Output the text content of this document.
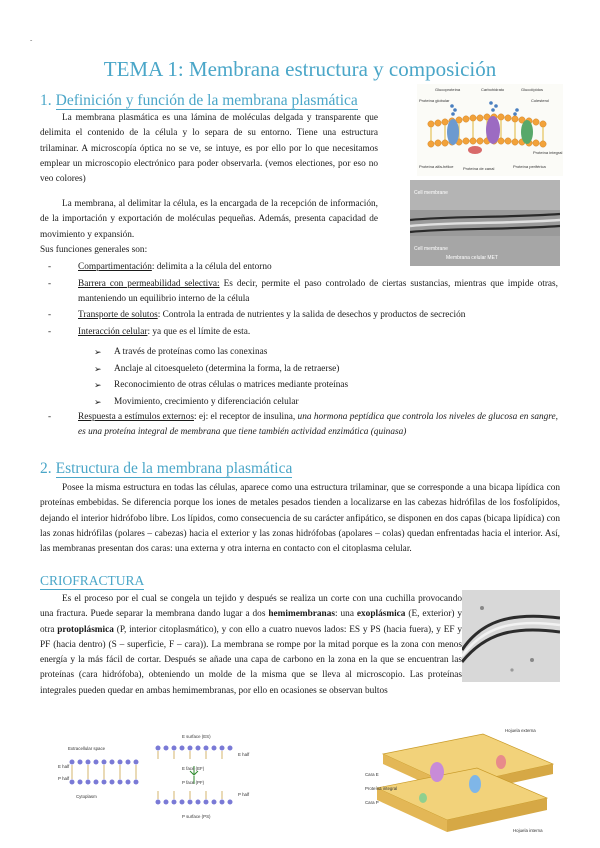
-
TEMA 1: Membrana estructura y composición
1. Definición y función de la membrana plasmática
La membrana plasmática es una lámina de moléculas delgada y transparente que delimita el contenido de la célula y lo separa de su entorno. Tiene una estructura trilaminar. A microscopía óptica no se ve, se intuye, es por ello por lo que necesitamos emplear un microscopio electrónico para poder observarla. (vemos electiones, por eso no veo colores)
La membrana, al delimitar la célula, es la encargada de la recepción de información, de la importación y exportación de moléculas pequeñas. Además, presenta capacidad de movimiento y expansión.
Sus funciones generales son:
-	Compartimentación: delimita a la célula del entorno
-	Barrera con permeabilidad selectiva: Es decir, permite el paso controlado de ciertas sustancias, mientras que impide otras, manteniendo un equilibrio interno de la célula
-	Transporte de solutos: Controla la entrada de nutrientes y la salida de desechos y productos de secreción
-	Interacción celular: ya que es el límite de esta.
➢ A través de proteínas como las conexinas
➢ Anclaje al citoesqueleto (determina la forma, la de retraerse)
➢ Reconocimiento de otras células o matrices mediante proteínas
➢ Movimiento, crecimiento y diferenciación celular
-	Respuesta a estímulos externos: ej: el receptor de insulina, una hormona peptídica que controla los niveles de glucosa en sangre, es una proteína integral de membrana que tiene también actividad enzimática (quinasa)
2. Estructura de la membrana plasmática
Posee la misma estructura en todas las células, aparece como una estructura trilaminar, que se corresponde a una bicapa lipídica con proteínas embebidas. Se diferencia porque los iones de metales pesados tienden a localizarse en las cabezas hidrófilas de los fosfolípidos, dejando el interior hidrófobo libre. Los lípidos, como consecuencia de su carácter anfipático, se disponen en dos capas (bicapa lipídica) con las zonas hidrófilas (polares – cabezas) hacia el exterior y las zonas hidrófobas (apolares – colas) quedan enfrentadas hacia el interior. Así, las membranas presentan dos caras: una externa y otra interna en contacto con el citoplasma celular.
CRIOFRACTURA
Es el proceso por el cual se congela un tejido y después se realiza un corte con una cuchilla provocando una fractura. Puede separar la membrana dando lugar a dos hemimembranas: una exoplásmica (E, exterior) y otra protoplásmica (P, interior citoplasmático), y con ello a cuatro nuevos lados: ES y PS (hacia fuera), y EF y PF (hacia dentro) (S – superficie, F – cara)). La membrana se rompe por la mitad porque es la zona con menos energía y la más fácil de cortar. Después se añade una capa de carbono en la zona en la que se encuentran las proteínas (cara hidrófoba), obteniendo un molde de la misma que se lleva al microscopio. Las proteínas integrales pueden quedar en ambas hemimembranas, por ello en ocasiones se observan bultos
Glucoproteína	Carbohidrato	Glucolípidos
Colesterol
Proteína globular
Proteína integral
Proteína alfa-hélice Proteína de canal	Proteína periférica
Cell membrane
Membrana celular MET
Cell membrane
Extracellular space
E surface (ES)
E half
P half
E face (EF)
P face (PF)
Cytoplasm
P surface (PS)
E half
P half
Hojuela externa
Cara E
Proteína integral
Cara P
Hojuela interna
